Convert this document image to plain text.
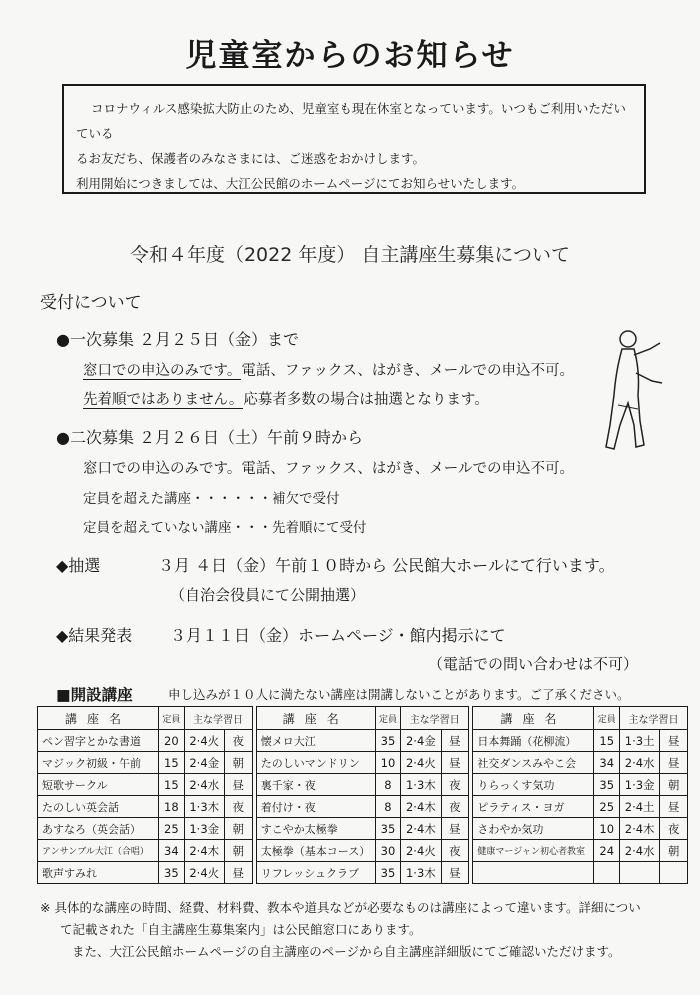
児童室からのお知らせ

コロナウィルス感染拡大防止のため、児童室も現在休室となっています。いつもご利用いただいている

るお友だち、保護者のみなさまには、ご迷惑をおかけします。

利用開始につきましては、大江公民館のホームページにてお知らせいたします。

令和４年度（2022 年度） 自主講座生募集について
受付について
●一次募集 ２月２５日（金）まで
窓口での申込のみです。電話、ファックス、はがき、メールでの申込不可。
先着順ではありません。応募者多数の場合は抽選となります。
●二次募集 ２月２６日（土）午前９時から
窓口での申込のみです。電話、ファックス、はがき、メールでの申込不可。
定員を超えた講座・・・・・・補欠で受付
定員を超えていない講座・・・先着順にて受付
◆抽選	３月 ４日（金）午前１０時から 公民館大ホールにて行います。
（自治会役員にて公開抽選）
◆結果発表 ３月１１日（金）ホームページ・館内掲示にて
（電話での問い合わせは不可）
■開設講座	申し込みが１０人に満たない講座は開講しないことがあります。ご了承ください。
講座名	定員	主な学習日			講座名	定員	主な学習日			講座名	定員	主な学習日	
ペン習字とかな書道	20	2·4火	夜		懐メロ大江	35	2·4金	昼		日本舞踊（花柳流）	15	1·3土	昼
マジック初級・午前	15	2·4金	朝		たのしいマンドリン	10	2·4火	昼		社交ダンスみやこ会	34	2·4水	昼
短歌サークル	15	2·4水	昼		裏千家・夜	8	1·3木	夜		りらっくす気功	35	1·3金	朝
たのしい英会話	18	1·3木	夜		着付け・夜	8	2·4木	夜		ピラティス・ヨガ	25	2·4土	昼
あすなろ（英会話）	25	1·3金	朝		すこやか太極拳	35	2·4木	昼		さわやか気功	10	2·4木	夜
アンサンブル大江（合唱）	34	2·4木	朝		太極拳（基本コース）	30	2·4火	夜		健康マージャン初心者教室	24	2·4水	朝
歌声すみれ	35	2·4火	昼		リフレッシュクラブ	35	1·3木	昼					

※ 具体的な講座の時間、経費、材料費、教本や道具などが必要なものは講座によって違います。詳細につい

て記載された「自主講座生募集案内」は公民館窓口にあります。

また、大江公民館ホームページの自主講座のページから自主講座詳細版にてご確認いただけます。
